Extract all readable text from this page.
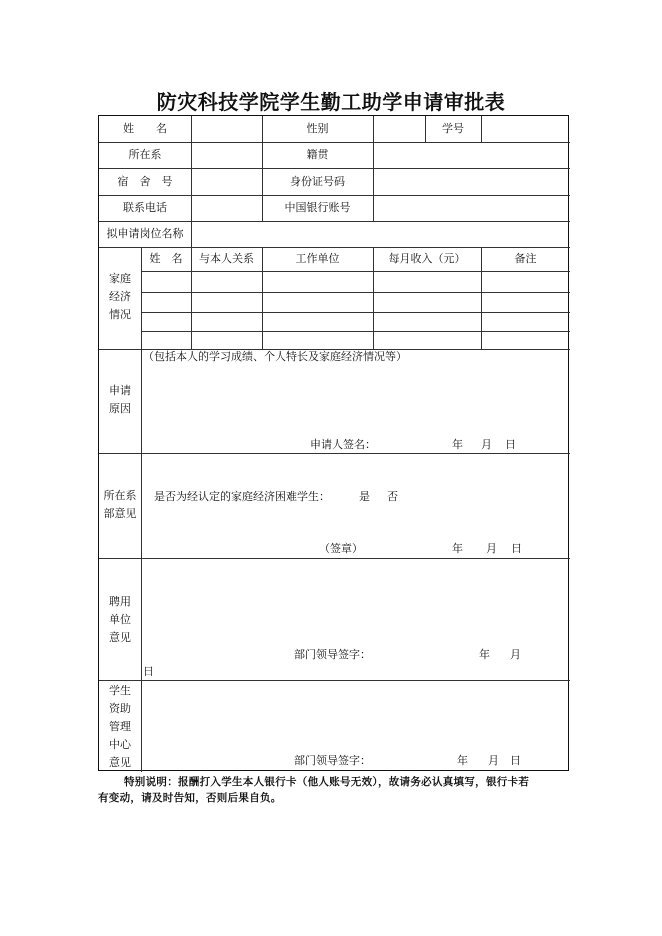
防灾科技学院学生勤工助学申请审批表
姓　　名	性别	学号
所在系	籍贯
宿　舍　号	身份证号码
联系电话	中国银行账号
拟申请岗位名称
家庭
经济
情况
姓　名	与本人关系	工作单位	每月收入（元）	备注
申请
原因
（包括本人的学习成绩、个人特长及家庭经济情况等）
申请人签名：	年 月 日
所在系
部意见
是否为经认定的家庭经济困难学生：	是 否
（签章）	年 月 日
聘用
单位
意见
部门领导签字：	年 月
日
学生
资助
管理
中心
意见	部门领导签字：	年 月 日
特别说明：报酬打入学生本人银行卡（他人账号无效），故请务必认真填写，银行卡若
有变动，请及时告知，否则后果自负。
